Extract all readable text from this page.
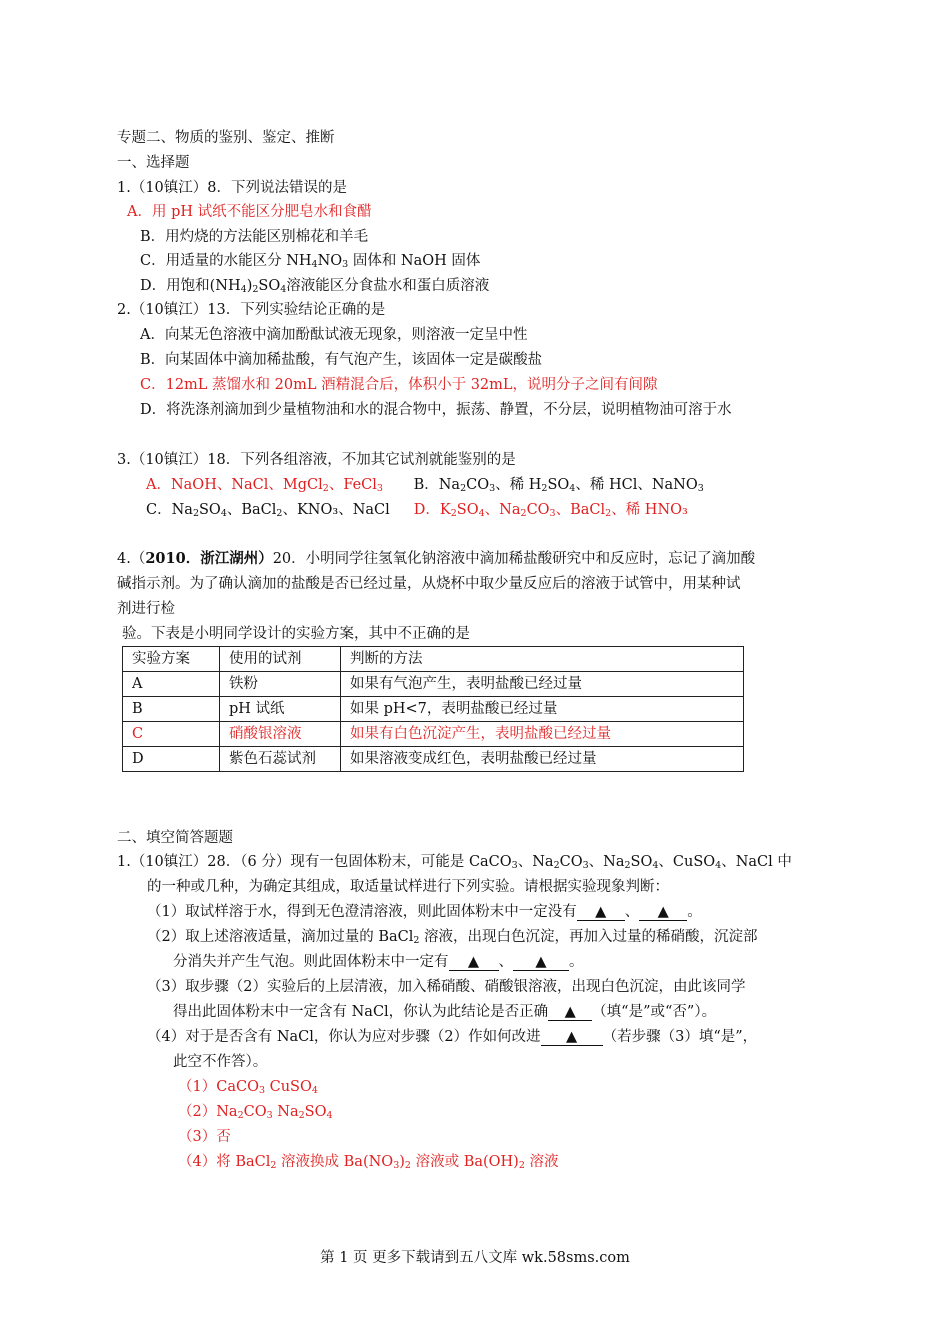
专题二、物质的鉴别、鉴定、推断
一、选择题
1.（10镇江）8．下列说法错误的是
A．用 pH 试纸不能区分肥皂水和食醋
B．用灼烧的方法能区别棉花和羊毛
C．用适量的水能区分 $NH_4NO_3$ 固体和 NaOH 固体
D．用饱和$(NH_4)_2SO_4$溶液能区分食盐水和蛋白质溶液
2.（10镇江）13．下列实验结论正确的是
A．向某无色溶液中滴加酚酞试液无现象，则溶液一定呈中性
B．向某固体中滴加稀盐酸，有气泡产生，该固体一定是碳酸盐
C．12mL 蒸馏水和 20mL 酒精混合后，体积小于 32mL，说明分子之间有间隙
D．将洗涤剂滴加到少量植物油和水的混合物中，振荡、静置，不分层，说明植物油可溶于水
3.（10镇江）18．下列各组溶液，不加其它试剂就能鉴别的是
A．NaOH、NaCl、MgCl$_2$、FeCl$_3$ B．$Na_2CO_3$、稀 $H_2SO_4$、稀 HCl、NaNO$_3$
C．$Na_2SO_4$、BaCl$_2$、KNO₃、NaCl D．$K_2SO_4$、$Na_2CO_3$、BaCl$_2$、稀 HNO₃
4.（2010．浙江湖州）20．小明同学往氢氧化钠溶液中滴加稀盐酸研究中和反应时，忘记了滴加酸
碱指示剂。为了确认滴加的盐酸是否已经过量，从烧杯中取少量反应后的溶液于试管中，用某种试
剂进行检
验。下表是小明同学设计的实验方案，其中不正确的是
实验方案	使用的试剂	判断的方法
A	铁粉	如果有气泡产生，表明盐酸已经过量
B	pH 试纸	如果 pH<7，表明盐酸已经过量
C	硝酸银溶液	如果有白色沉淀产生，表明盐酸已经过量
D	紫色石蕊试剂	如果溶液变成红色，表明盐酸已经过量
二、填空简答题题
1.（10镇江）28．（6 分）现有一包固体粉末，可能是 CaCO$_3$、$Na_2CO_3$、$Na_2SO_4$、CuSO$_4$、NaCl 中
的一种或几种，为确定其组成，取适量试样进行下列实验。请根据实验现象判断：
（1）取试样溶于水，得到无色澄清溶液，则此固体粉末中一定没有 ▲ 、 ▲ 。
（2）取上述溶液适量，滴加过量的 BaCl$_2$ 溶液，出现白色沉淀，再加入过量的稀硝酸，沉淀部
分消失并产生气泡。则此固体粉末中一定有 ▲ 、 ▲ 。
（3）取步骤（2）实验后的上层清液，加入稀硝酸、硝酸银溶液，出现白色沉淀，由此该同学
得出此固体粉末中一定含有 NaCl，你认为此结论是否正确 ▲ （填“是”或“否”）。
（4）对于是否含有 NaCl，你认为应对步骤（2）作如何改进 ▲ （若步骤（3）填“是”，
此空不作答）。
（1）CaCO$_3$ CuSO$_4$
$(2)Na_2CO_3$ $Na_2SO_4$
（3）否
（4）将 BaCl$_2$ 溶液换成 $Ba(NO_3)_2$ 溶液或 $Ba(OH)_2$ 溶液
第 1 页 更多下载请到五八文库 wk.58sms.com
